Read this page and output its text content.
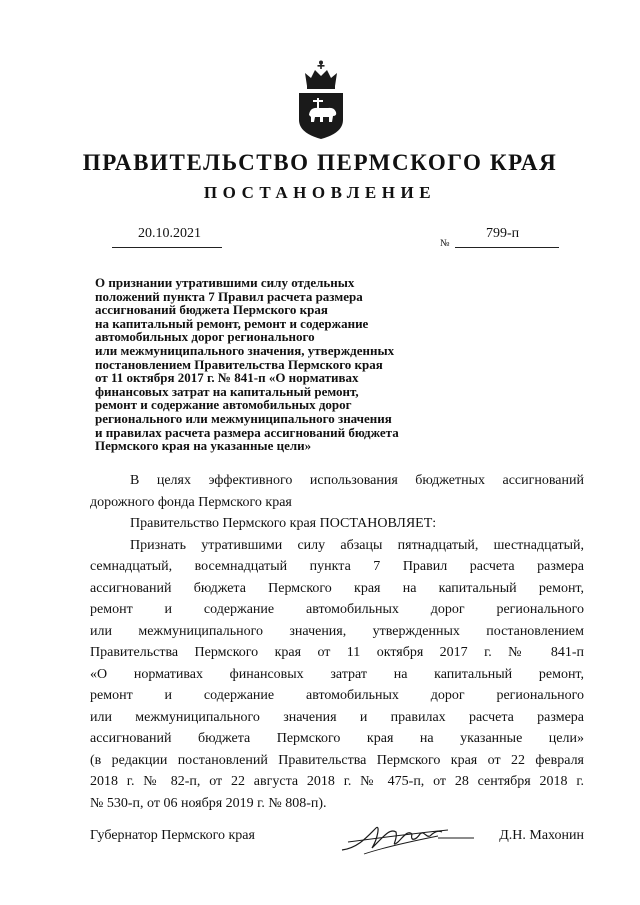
ПРАВИТЕЛЬСТВО ПЕРМСКОГО КРАЯ
ПОСТАНОВЛЕНИЕ
20.10.2021
№
799-п
О признании утратившими силу отдельных
положений пункта 7 Правил расчета размера
ассигнований бюджета Пермского края
на капитальный ремонт, ремонт и содержание
автомобильных дорог регионального
или межмуниципального значения, утвержденных
постановлением Правительства Пермского края
от 11 октября 2017 г. № 841-п «О нормативах
финансовых затрат на капитальный ремонт,
ремонт и содержание автомобильных дорог
регионального или межмуниципального значения
и правилах расчета размера ассигнований бюджета
Пермского края на указанные цели»
В целях эффективного использования бюджетных ассигнований
дорожного фонда Пермского края
Правительство Пермского края ПОСТАНОВЛЯЕТ:
Признать утратившими силу абзацы пятнадцатый, шестнадцатый,
семнадцатый, восемнадцатый пункта 7 Правил расчета размера
ассигнований бюджета Пермского края на капитальный ремонт,
ремонт и содержание автомобильных дорог регионального
или межмуниципального значения, утвержденных постановлением
Правительства Пермского края от 11 октября 2017 г. № 841-п
«О нормативах финансовых затрат на капитальный ремонт,
ремонт и содержание автомобильных дорог регионального
или межмуниципального значения и правилах расчета размера
ассигнований бюджета Пермского края на указанные цели»
(в редакции постановлений Правительства Пермского края от 22 февраля
2018 г. № 82-п, от 22 августа 2018 г. № 475-п, от 28 сентября 2018 г.
№ 530-п, от 06 ноября 2019 г. № 808-п).
Губернатор Пермского края	Д.Н. Махонин
